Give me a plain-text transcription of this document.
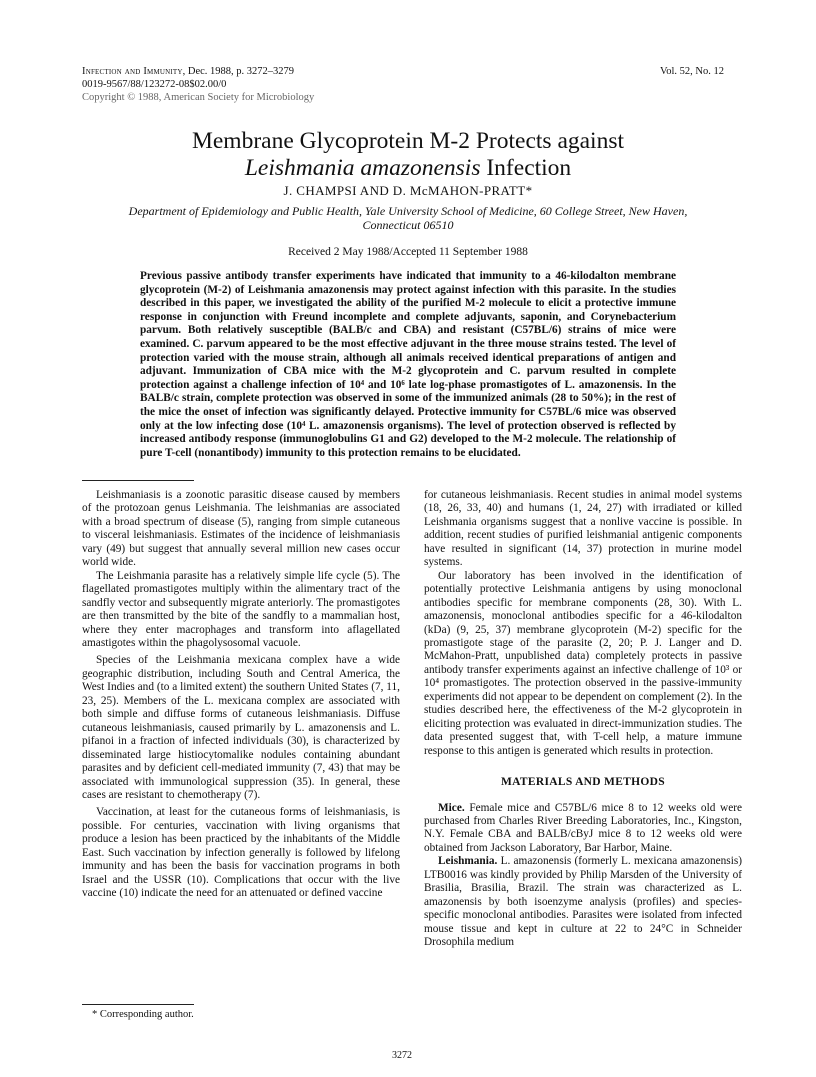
Infection and Immunity, Dec. 1988, p. 3272–3279
0019-9567/88/123272-08$02.00/0
Copyright © 1988, American Society for Microbiology
Vol. 52, No. 12
Membrane Glycoprotein M-2 Protects against
Leishmania amazonensis Infection
J. CHAMPSI AND D. McMAHON-PRATT*
Department of Epidemiology and Public Health, Yale University School of Medicine, 60 College Street, New Haven, Connecticut 06510
Received 2 May 1988/Accepted 11 September 1988
Previous passive antibody transfer experiments have indicated that immunity to a 46-kilodalton membrane glycoprotein (M-2) of Leishmania amazonensis may protect against infection with this parasite. In the studies described in this paper, we investigated the ability of the purified M-2 molecule to elicit a protective immune response in conjunction with Freund incomplete and complete adjuvants, saponin, and Corynebacterium parvum. Both relatively susceptible (BALB/c and CBA) and resistant (C57BL/6) strains of mice were examined. C. parvum appeared to be the most effective adjuvant in the three mouse strains tested. The level of protection varied with the mouse strain, although all animals received identical preparations of antigen and adjuvant. Immunization of CBA mice with the M-2 glycoprotein and C. parvum resulted in complete protection against a challenge infection of 10⁴ and 10⁶ late log-phase promastigotes of L. amazonensis. In the BALB/c strain, complete protection was observed in some of the immunized animals (28 to 50%); in the rest of the mice the onset of infection was significantly delayed. Protective immunity for C57BL/6 mice was observed only at the low infecting dose (10⁴ L. amazonensis organisms). The level of protection observed is reflected by increased antibody response (immunoglobulins G1 and G2) developed to the M-2 molecule. The relationship of pure T-cell (nonantibody) immunity to this protection remains to be elucidated.

Leishmaniasis is a zoonotic parasitic disease caused by members of the protozoan genus Leishmania. The leishmanias are associated with a broad spectrum of disease (5), ranging from simple cutaneous to visceral leishmaniasis. Estimates of the incidence of leishmaniasis vary (49) but suggest that annually several million new cases occur world wide.

The Leishmania parasite has a relatively simple life cycle (5). The flagellated promastigotes multiply within the alimentary tract of the sandfly vector and subsequently migrate anteriorly. The promastigotes are then transmitted by the bite of the sandfly to a mammalian host, where they enter macrophages and transform into aflagellated amastigotes within the phagolysosomal vacuole.

Species of the Leishmania mexicana complex have a wide geographic distribution, including South and Central America, the West Indies and (to a limited extent) the southern United States (7, 11, 23, 25). Members of the L. mexicana complex are associated with both simple and diffuse forms of cutaneous leishmaniasis. Diffuse cutaneous leishmaniasis, caused primarily by L. amazonensis and L. pifanoi in a fraction of infected individuals (30), is characterized by disseminated large histiocytomalike nodules containing abundant parasites and by deficient cell-mediated immunity (7, 43) that may be associated with immunological suppression (35). In general, these cases are resistant to chemotherapy (7).

Vaccination, at least for the cutaneous forms of leishmaniasis, is possible. For centuries, vaccination with living organisms that produce a lesion has been practiced by the inhabitants of the Middle East. Such vaccination by infection generally is followed by lifelong immunity and has been the basis for vaccination programs in both Israel and the USSR (10). Complications that occur with the live vaccine (10) indicate the need for an attenuated or defined vaccine

* Corresponding author.

for cutaneous leishmaniasis. Recent studies in animal model systems (18, 26, 33, 40) and humans (1, 24, 27) with irradiated or killed Leishmania organisms suggest that a nonlive vaccine is possible. In addition, recent studies of purified leishmanial antigenic components have resulted in significant (14, 37) protection in murine model systems.

Our laboratory has been involved in the identification of potentially protective Leishmania antigens by using monoclonal antibodies specific for membrane components (28, 30). With L. amazonensis, monoclonal antibodies specific for a 46-kilodalton (kDa) (9, 25, 37) membrane glycoprotein (M-2) specific for the promastigote stage of the parasite (2, 20; P. J. Langer and D. McMahon-Pratt, unpublished data) completely protects in passive antibody transfer experiments against an infective challenge of 10³ or 10⁴ promastigotes. The protection observed in the passive-immunity experiments did not appear to be dependent on complement (2). In the studies described here, the effectiveness of the M-2 glycoprotein in eliciting protection was evaluated in direct-immunization studies. The data presented suggest that, with T-cell help, a mature immune response to this antigen is generated which results in protection.

MATERIALS AND METHODS

Mice. Female mice and C57BL/6 mice 8 to 12 weeks old were purchased from Charles River Breeding Laboratories, Inc., Kingston, N.Y. Female CBA and BALB/cByJ mice 8 to 12 weeks old were obtained from Jackson Laboratory, Bar Harbor, Maine.

Leishmania. L. amazonensis (formerly L. mexicana amazonensis) LTB0016 was kindly provided by Philip Marsden of the University of Brasilia, Brasilia, Brazil. The strain was characterized as L. amazonensis by both isoenzyme analysis (profiles) and species-specific monoclonal antibodies. Parasites were isolated from infected mouse tissue and kept in culture at 22 to 24°C in Schneider Drosophila medium

3272
